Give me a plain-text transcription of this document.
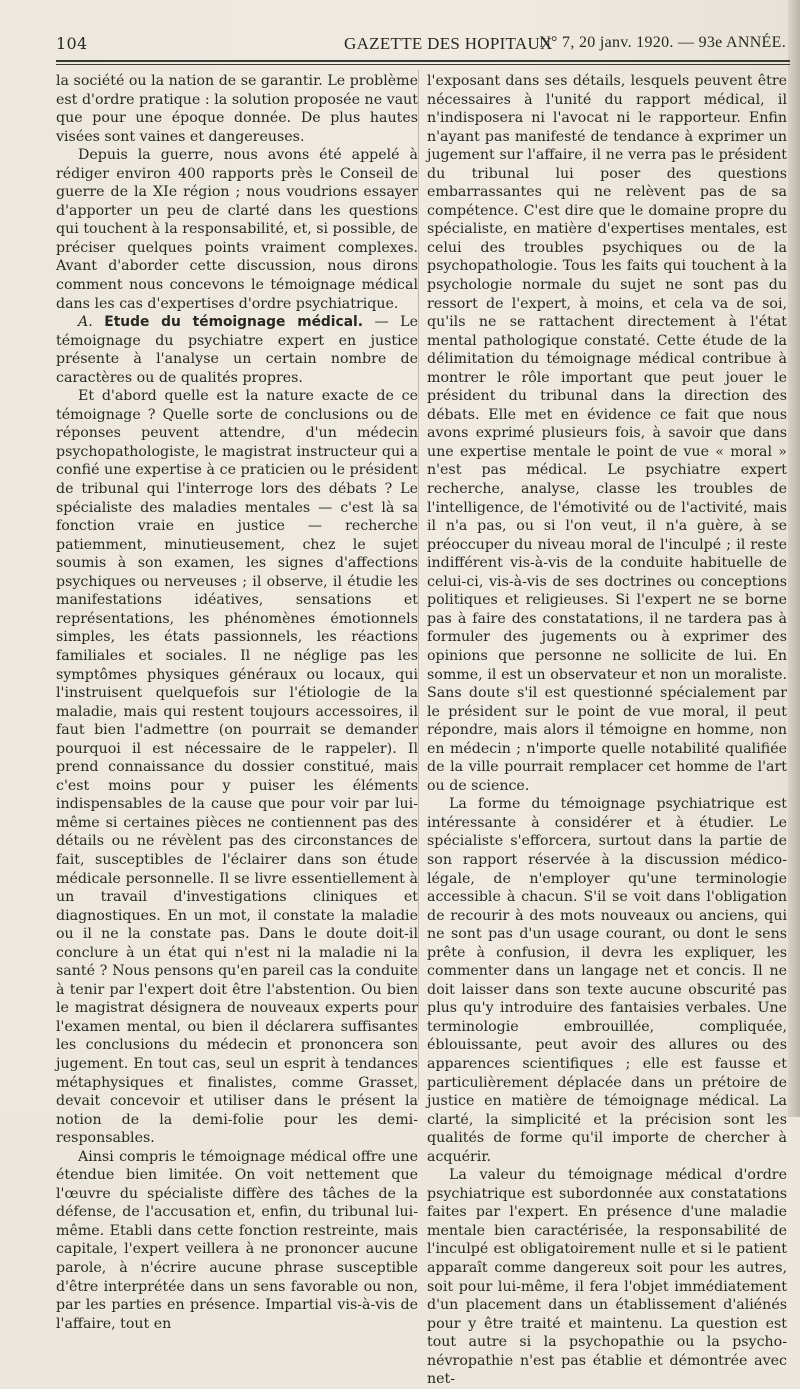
104	GAZETTE DES HOPITAUX
N° 7, 20 janv. 1920. — 93e ANNÉE.

la société ou la nation de se garantir. Le problème est d'ordre pratique : la solution proposée ne vaut que pour une époque donnée. De plus hautes visées sont vaines et dangereuses.

Depuis la guerre, nous avons été appelé à rédiger environ 400 rapports près le Conseil de guerre de la XIe région ; nous voudrions essayer d'apporter un peu de clarté dans les questions qui touchent à la responsabilité, et, si possible, de préciser quelques points vraiment complexes. Avant d'aborder cette discussion, nous dirons comment nous concevons le témoignage médical dans les cas d'expertises d'ordre psychiatrique.

A. Etude du témoignage médical. — Le témoignage du psychiatre expert en justice présente à l'analyse un certain nombre de caractères ou de qualités propres.

Et d'abord quelle est la nature exacte de ce témoignage ? Quelle sorte de conclusions ou de réponses peuvent attendre, d'un médecin psychopathologiste, le magistrat instructeur qui a confié une expertise à ce praticien ou le président de tribunal qui l'interroge lors des débats ? Le spécialiste des maladies mentales — c'est là sa fonction vraie en justice — recherche patiemment, minutieusement, chez le sujet soumis à son examen, les signes d'affections psychiques ou nerveuses ; il observe, il étudie les manifestations idéatives, sensations et représentations, les phénomènes émotionnels simples, les états passionnels, les réactions familiales et sociales. Il ne néglige pas les symptômes physiques généraux ou locaux, qui l'instruisent quelquefois sur l'étiologie de la maladie, mais qui restent toujours accessoires, il faut bien l'admettre (on pourrait se demander pourquoi il est nécessaire de le rappeler). Il prend connaissance du dossier constitué, mais c'est moins pour y puiser les éléments indispensables de la cause que pour voir par lui-même si certaines pièces ne contiennent pas des détails ou ne révèlent pas des circonstances de fait, susceptibles de l'éclairer dans son étude médicale personnelle. Il se livre essentiellement à un travail d'investigations cliniques et diagnostiques. En un mot, il constate la maladie ou il ne la constate pas. Dans le doute doit-il conclure à un état qui n'est ni la maladie ni la santé ? Nous pensons qu'en pareil cas la conduite à tenir par l'expert doit être l'abstention. Ou bien le magistrat désignera de nouveaux experts pour l'examen mental, ou bien il déclarera suffisantes les conclusions du médecin et prononcera son jugement. En tout cas, seul un esprit à tendances métaphysiques et finalistes, comme Grasset, devait concevoir et utiliser dans le présent la notion de la demi-folie pour les demi-responsables.

Ainsi compris le témoignage médical offre une étendue bien limitée. On voit nettement que l'œuvre du spécialiste diffère des tâches de la défense, de l'accusation et, enfin, du tribunal lui-même. Etabli dans cette fonction restreinte, mais capitale, l'expert veillera à ne prononcer aucune parole, à n'écrire aucune phrase susceptible d'être interprétée dans un sens favorable ou non, par les parties en présence. Impartial vis-à-vis de l'affaire, tout en

l'exposant dans ses détails, lesquels peuvent être nécessaires à l'unité du rapport médical, il n'indisposera ni l'avocat ni le rapporteur. Enfin n'ayant pas manifesté de tendance à exprimer un jugement sur l'affaire, il ne verra pas le président du tribunal lui poser des questions embarrassantes qui ne relèvent pas de sa compétence. C'est dire que le domaine propre du spécialiste, en matière d'expertises mentales, est celui des troubles psychiques ou de la psychopathologie. Tous les faits qui touchent à la psychologie normale du sujet ne sont pas du ressort de l'expert, à moins, et cela va de soi, qu'ils ne se rattachent directement à l'état mental pathologique constaté. Cette étude de la délimitation du témoignage médical contribue à montrer le rôle important que peut jouer le président du tribunal dans la direction des débats. Elle met en évidence ce fait que nous avons exprimé plusieurs fois, à savoir que dans une expertise mentale le point de vue « moral » n'est pas médical. Le psychiatre expert recherche, analyse, classe les troubles de l'intelligence, de l'émotivité ou de l'activité, mais il n'a pas, ou si l'on veut, il n'a guère, à se préoccuper du niveau moral de l'inculpé ; il reste indifférent vis-à-vis de la conduite habituelle de celui-ci, vis-à-vis de ses doctrines ou conceptions politiques et religieuses. Si l'expert ne se borne pas à faire des constatations, il ne tardera pas à formuler des jugements ou à exprimer des opinions que personne ne sollicite de lui. En somme, il est un observateur et non un moraliste. Sans doute s'il est questionné spécialement par le président sur le point de vue moral, il peut répondre, mais alors il témoigne en homme, non en médecin ; n'importe quelle notabilité qualifiée de la ville pourrait remplacer cet homme de l'art ou de science.

La forme du témoignage psychiatrique est intéressante à considérer et à étudier. Le spécialiste s'efforcera, surtout dans la partie de son rapport réservée à la discussion médico-légale, de n'employer qu'une terminologie accessible à chacun. S'il se voit dans l'obligation de recourir à des mots nouveaux ou anciens, qui ne sont pas d'un usage courant, ou dont le sens prête à confusion, il devra les expliquer, les commenter dans un langage net et concis. Il ne doit laisser dans son texte aucune obscurité pas plus qu'y introduire des fantaisies verbales. Une terminologie embrouillée, compliquée, éblouissante, peut avoir des allures ou des apparences scientifiques ; elle est fausse et particulièrement déplacée dans un prétoire de justice en matière de témoignage médical. La clarté, la simplicité et la précision sont les qualités de forme qu'il importe de chercher à acquérir.

La valeur du témoignage médical d'ordre psychiatrique est subordonnée aux constatations faites par l'expert. En présence d'une maladie mentale bien caractérisée, la responsabilité de l'inculpé est obligatoirement nulle et si le patient apparaît comme dangereux soit pour les autres, soit pour lui-même, il fera l'objet immédiatement d'un placement dans un établissement d'aliénés pour y être traité et maintenu. La question est tout autre si la psychopathie ou la psycho-névropathie n'est pas établie et démontrée avec net-
